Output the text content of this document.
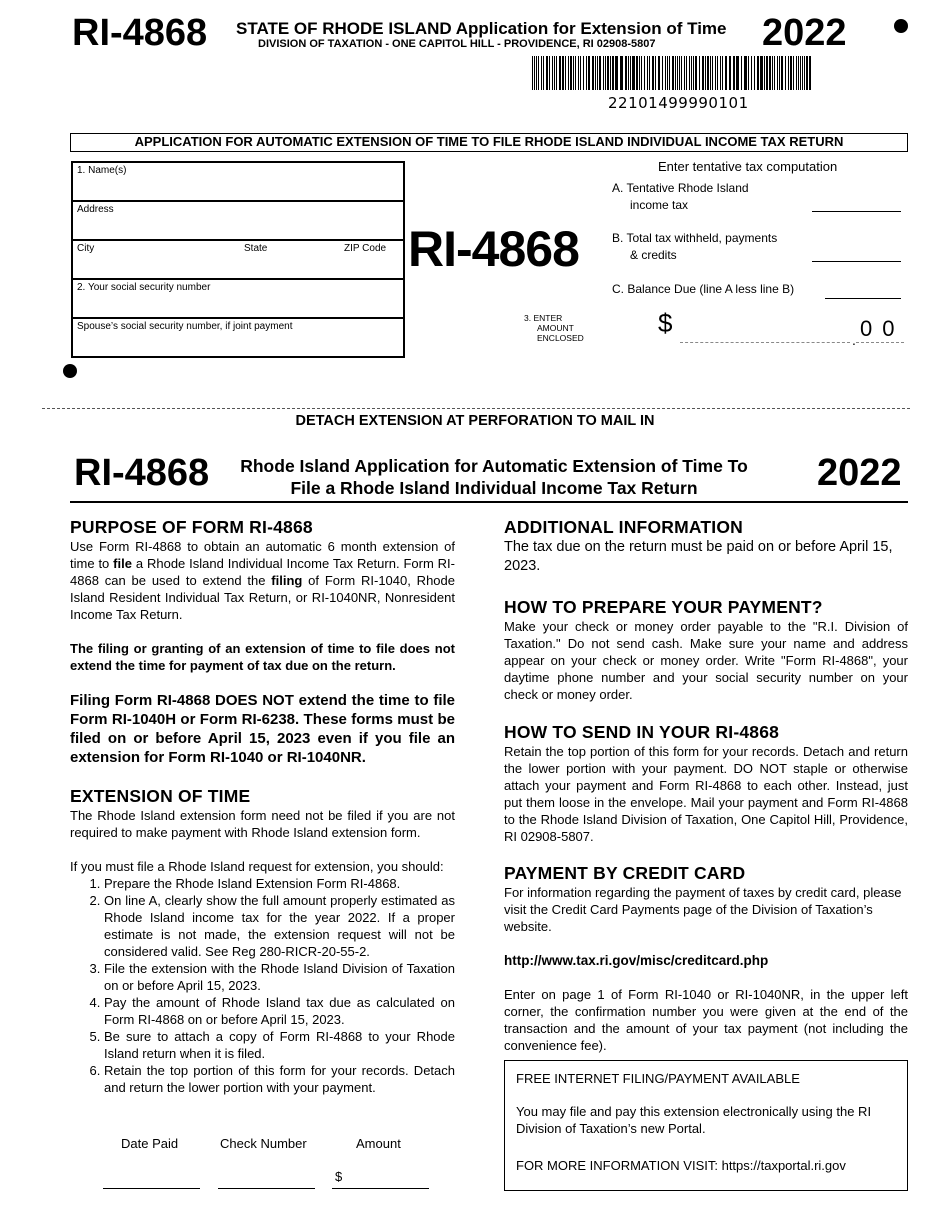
RI-4868 STATE OF RHODE ISLAND Application for Extension of Time
DIVISION OF TAXATION - ONE CAPITOL HILL - PROVIDENCE, RI 02908-5807	2022
22101499990101
APPLICATION FOR AUTOMATIC EXTENSION OF TIME TO FILE RHODE ISLAND INDIVIDUAL INCOME TAX RETURN
1. Name(s)
Address
City	State	ZIP Code
2. Your social security number
Spouse’s social security number, if joint payment
RI-4868
Enter tentative tax computation
A. Tentative Rhode Island
income tax
B. Total tax withheld, payments
& credits
C. Balance Due (line A less line B)
3. ENTER
AMOUNT
ENCLOSED	$
. 00
DETACH EXTENSION AT PERFORATION TO MAIL IN
RI-4868	Rhode Island Application for Automatic Extension of Time To
File a Rhode Island Individual Income Tax Return	2022
PURPOSE OF FORM RI-4868

Use Form RI-4868 to obtain an automatic 6 month extension of time to file a Rhode Island Individual Income Tax Return. Form RI-4868 can be used to extend the filing of Form RI-1040, Rhode Island Resident Individual Tax Return, or RI-1040NR, Nonresident Income Tax Return.

The filing or granting of an extension of time to file does not extend the time for payment of tax due on the return.

Filing Form RI-4868 DOES NOT extend the time to file Form RI-1040H or Form RI-6238. These forms must be filed on or before April 15, 2023 even if you file an extension for Form RI-1040 or RI-1040NR.

EXTENSION OF TIME

The Rhode Island extension form need not be filed if you are not required to make payment with Rhode Island extension form.

If you must file a Rhode Island request for extension, you should:

1. Prepare the Rhode Island Extension Form RI-4868.
2. On line A, clearly show the full amount properly estimated as Rhode Island income tax for the year 2022. If a proper estimate is not made, the extension request will not be considered valid. See Reg 280-RICR-20-55-2.
3. File the extension with the Rhode Island Division of Taxation on or before April 15, 2023.
4. Pay the amount of Rhode Island tax due as calculated on Form RI-4868 on or before April 15, 2023.
5. Be sure to attach a copy of Form RI-4868 to your Rhode Island return when it is filed.
6. Retain the top portion of this form for your records. Detach and return the lower portion with your payment.
Date Paid	Check Number	Amount
$
ADDITIONAL INFORMATION

The tax due on the return must be paid on or before April 15, 2023.

HOW TO PREPARE YOUR PAYMENT?

Make your check or money order payable to the "R.I. Division of Taxation." Do not send cash. Make sure your name and address appear on your check or money order. Write "Form RI-4868", your daytime phone number and your social security number on your check or money order.

HOW TO SEND IN YOUR RI-4868

Retain the top portion of this form for your records. Detach and return the lower portion with your payment. DO NOT staple or otherwise attach your payment and Form RI-4868 to each other. Instead, just put them loose in the envelope. Mail your payment and Form RI-4868 to the Rhode Island Division of Taxation, One Capitol Hill, Providence, RI 02908-5807.

PAYMENT BY CREDIT CARD

For information regarding the payment of taxes by credit card, please visit the Credit Card Payments page of the Division of Taxation’s website.

http://www.tax.ri.gov/misc/creditcard.php

Enter on page 1 of Form RI-1040 or RI-1040NR, in the upper left corner, the confirmation number you were given at the end of the transaction and the amount of your tax payment (not including the convenience fee).

FREE INTERNET FILING/PAYMENT AVAILABLE

You may file and pay this extension electronically using the RI Division of Taxation’s new Portal.

FOR MORE INFORMATION VISIT: https://taxportal.ri.gov
